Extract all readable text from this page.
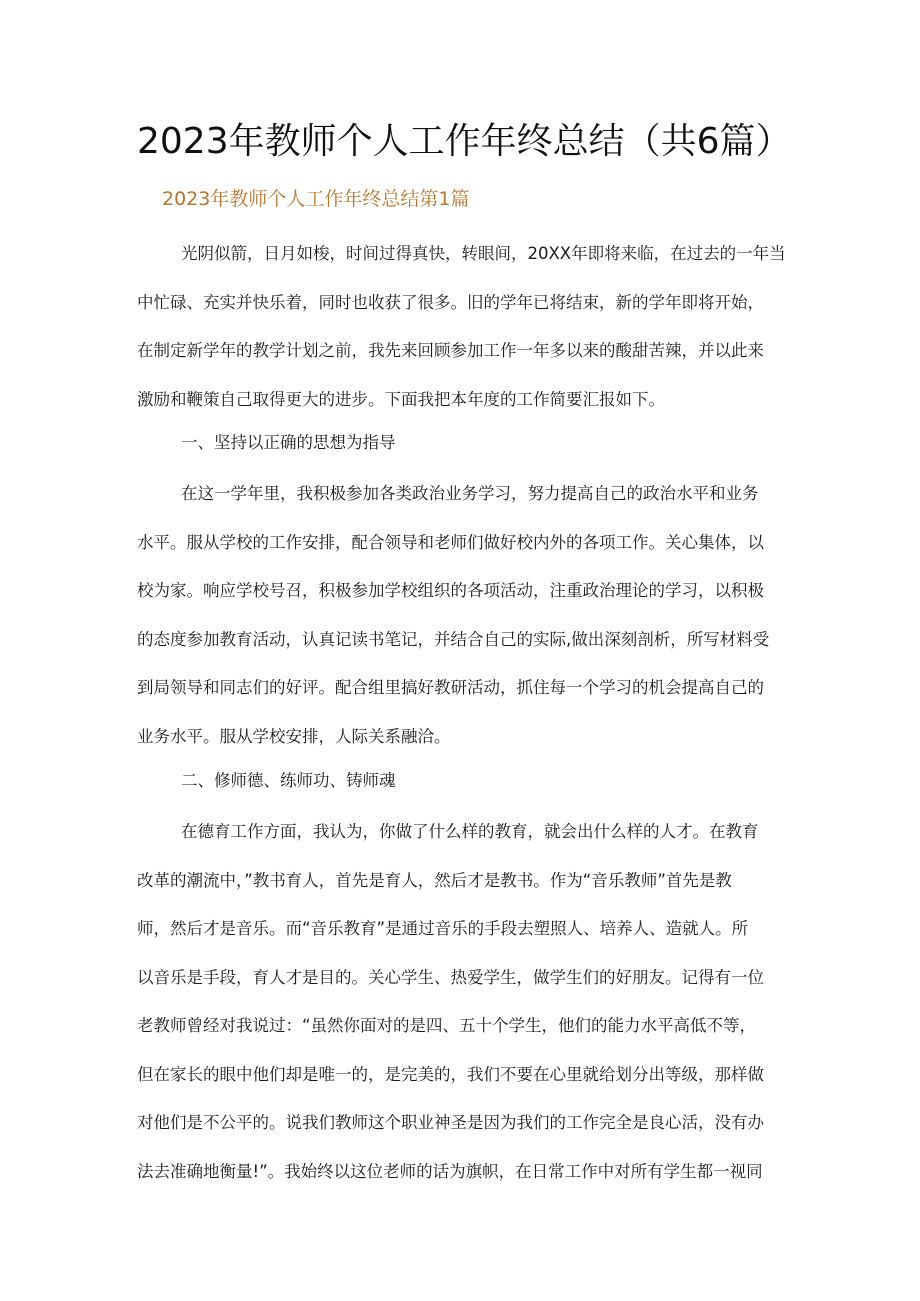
2023年教师个人工作年终总结（共6篇）
2023年教师个人工作年终总结第1篇
光阴似箭，日月如梭，时间过得真快，转眼间，20XX年即将来临，在过去的一年当
中忙碌、充实并快乐着，同时也收获了很多。旧的学年已将结束，新的学年即将开始，
在制定新学年的教学计划之前，我先来回顾参加工作一年多以来的酸甜苦辣，并以此来
激励和鞭策自己取得更大的进步。下面我把本年度的工作简要汇报如下。

一、坚持以正确的思想为指导

在这一学年里，我积极参加各类政治业务学习，努力提高自己的政治水平和业务
水平。服从学校的工作安排，配合领导和老师们做好校内外的各项工作。关心集体，以
校为家。响应学校号召，积极参加学校组织的各项活动，注重政治理论的学习，以积极
的态度参加教育活动，认真记读书笔记，并结合自己的实际,做出深刻剖析，所写材料受
到局领导和同志们的好评。配合组里搞好教研活动，抓住每一个学习的机会提高自己的
业务水平。服从学校安排，人际关系融洽。

二、修师德、练师功、铸师魂

在德育工作方面，我认为，你做了什么样的教育，就会出什么样的人才。在教育
改革的潮流中，”教书育人，首先是育人，然后才是教书。作为“音乐教师”首先是教
师，然后才是音乐。而“音乐教育”是通过音乐的手段去塑照人、培养人、造就人。所
以音乐是手段，育人才是目的。关心学生、热爱学生，做学生们的好朋友。记得有一位
老教师曾经对我说过：“虽然你面对的是四、五十个学生，他们的能力水平高低不等，
但在家长的眼中他们却是唯一的，是完美的，我们不要在心里就给划分出等级，那样做
对他们是不公平的。说我们教师这个职业神圣是因为我们的工作完全是良心活，没有办
法去准确地衡量!”。我始终以这位老师的话为旗帜，在日常工作中对所有学生都一视同
